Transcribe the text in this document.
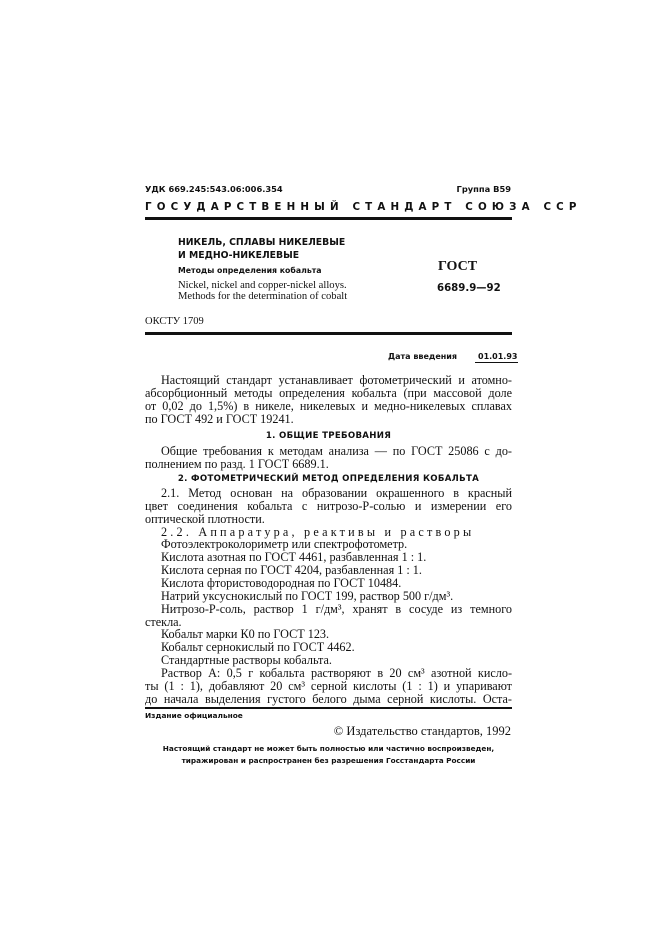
УДК 669.245:543.06:006.354	Группа В59
ГОСУДАРСТВЕННЫЙ СТАНДАРТ СОЮЗА ССР
НИКЕЛЬ, СПЛАВЫ НИКЕЛЕВЫЕ
И МЕДНО-НИКЕЛЕВЫЕ
Методы определения кобальта
Nickel, nickel and copper-nickel alloys.
Methods for the determination of cobalt
ГОСТ
6689.9—92
ОКСТУ 1709
Дата введения	01.01.93
Настоящий стандарт устанавливает фотометрический и атомно-
абсорбционный методы определения кобальта (при массовой доле
от 0,02 до 1,5%) в никеле, никелевых и медно-никелевых сплавах
по ГОСТ 492 и ГОСТ 19241.
1. ОБЩИЕ ТРЕБОВАНИЯ
Общие требования к методам анализа — по ГОСТ 25086 с до-
полнением по разд. 1 ГОСТ 6689.1.
2. ФОТОМЕТРИЧЕСКИЙ МЕТОД ОПРЕДЕЛЕНИЯ КОБАЛЬТА
2.1. Метод основан на образовании окрашенного в красный
цвет соединения кобальта с нитрозо-Р-солью и измерении его
оптической плотности.
2.2. Аппаратура, реактивы и растворы
Фотоэлектроколориметр или спектрофотометр.
Кислота азотная по ГОСТ 4461, разбавленная 1 : 1.
Кислота серная по ГОСТ 4204, разбавленная 1 : 1.
Кислота фтористоводородная по ГОСТ 10484.
Натрий уксуснокислый по ГОСТ 199, раствор 500 г/дм³.
Нитрозо-Р-соль, раствор 1 г/дм³, хранят в сосуде из темного
стекла.
Кобальт марки К0 по ГОСТ 123.
Кобальт сернокислый по ГОСТ 4462.
Стандартные растворы кобальта.
Раствор А: 0,5 г кобальта растворяют в 20 см³ азотной кисло-
ты (1 : 1), добавляют 20 см³ серной кислоты (1 : 1) и упаривают
до начала выделения густого белого дыма серной кислоты. Оста-
Издание официальное
© Издательство стандартов, 1992
Настоящий стандарт не может быть полностью или частично воспроизведен,
тиражирован и распространен без разрешения Госстандарта России
